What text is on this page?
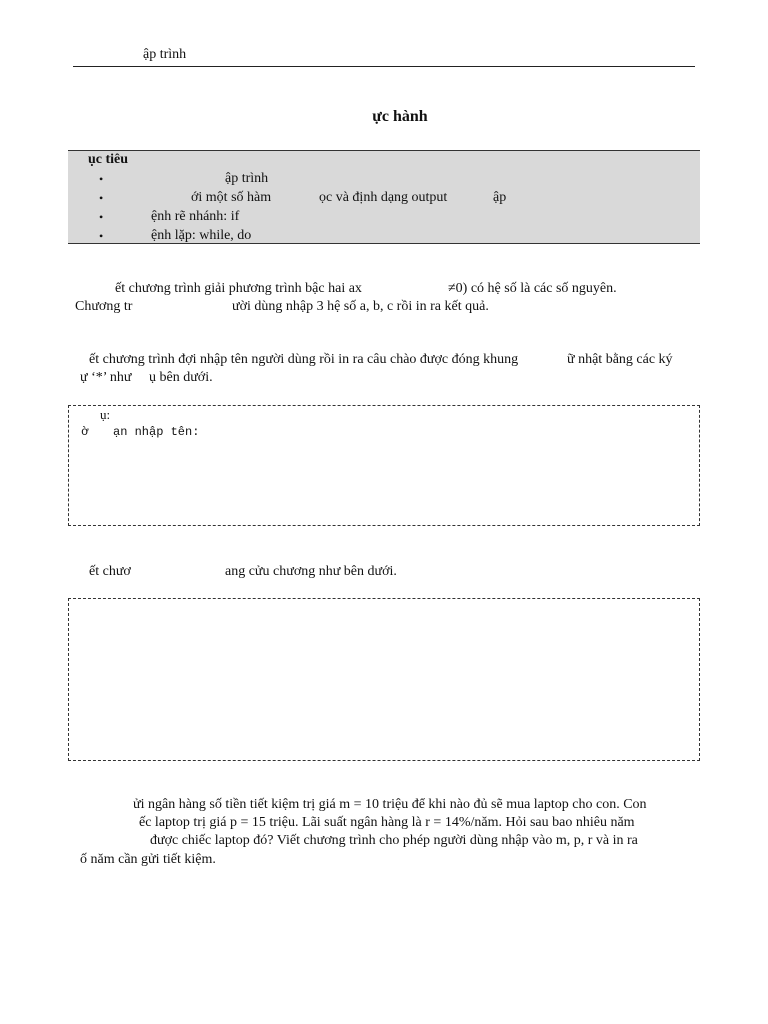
ập trình
ực hành
ục tiêu
•	ập trình
•	ới một số hàm	ọc và định dạng output	ập
•	ệnh rẽ nhánh: if
•	ệnh lặp: while, do
ết chương trình giải phương trình bậc hai ax	≠0) có hệ số là các số nguyên.
Chương tr	ười dùng nhập 3 hệ số a, b, c rồi in ra kết quả.
ết chương trình đợi nhập tên người dùng rồi in ra câu chào được đóng khung	ữ nhật bằng các ký
ự ‘*’ như ụ bên dưới.
ụ:
ờ ạn nhập tên:
ết chươ	ang cửu chương như bên dưới.
ửi ngân hàng số tiền tiết kiệm trị giá m = 10 triệu để khi nào đủ sẽ mua laptop cho con. Con
ếc laptop trị giá p = 15 triệu. Lãi suất ngân hàng là r = 14%/năm. Hỏi sau bao nhiêu năm
được chiếc laptop đó? Viết chương trình cho phép người dùng nhập vào m, p, r và in ra
ố năm cần gửi tiết kiệm.
